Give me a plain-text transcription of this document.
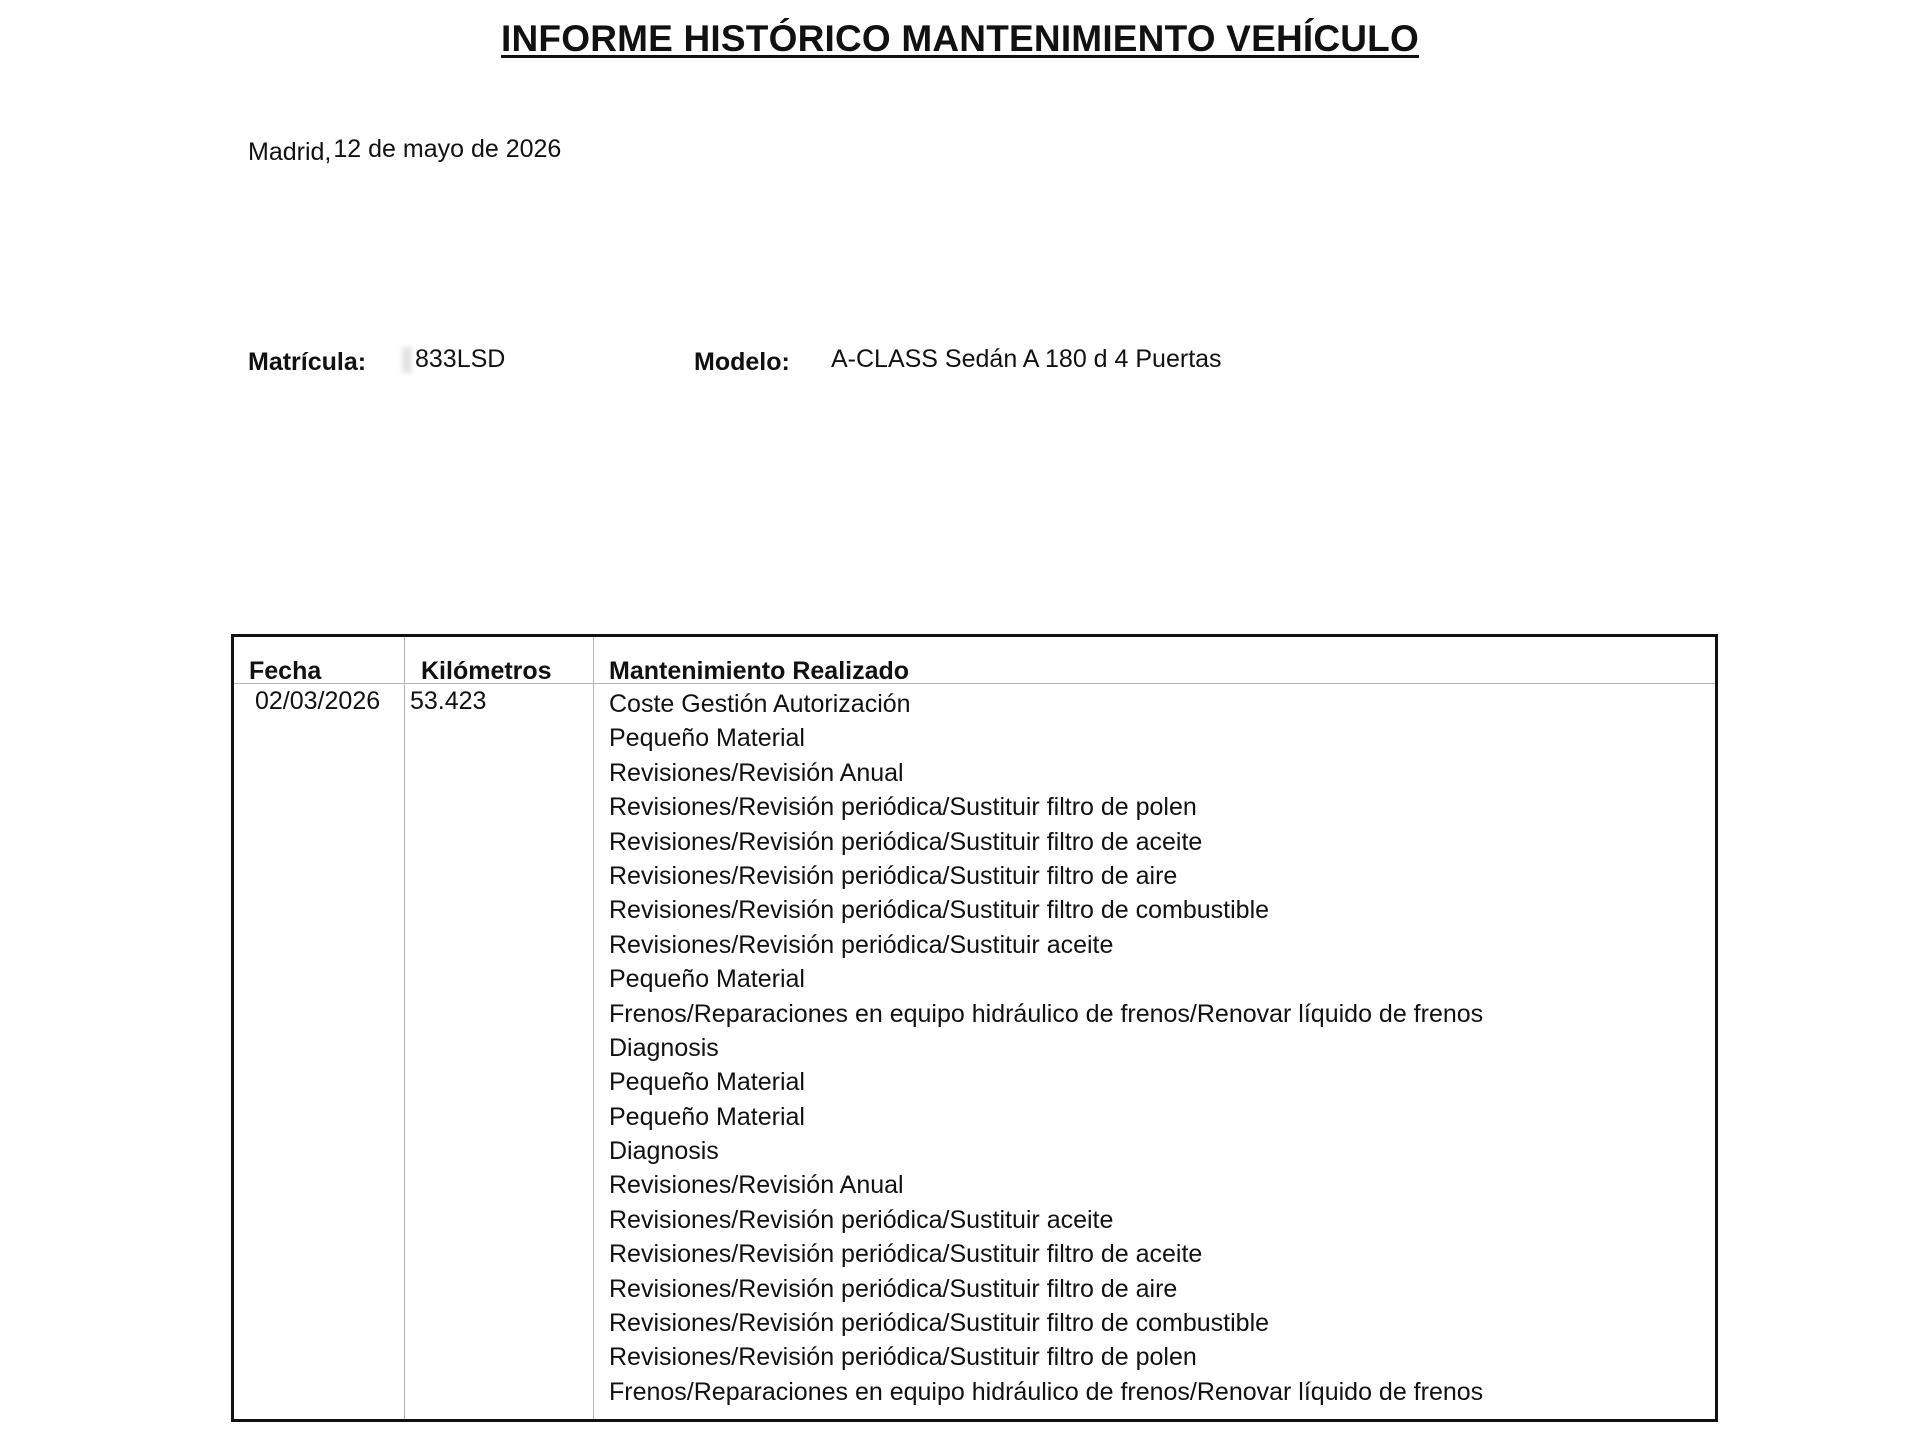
INFORME HISTÓRICO MANTENIMIENTO VEHÍCULO
Madrid,12 de mayo de 2026
Matrícula:	833LSD	Modelo: A-CLASS Sedán A 180 d 4 Puertas
Fecha	Kilómetros Mantenimiento Realizado
02/03/2026 53.423	Coste Gestión Autorización
Pequeño Material
Revisiones/Revisión Anual
Revisiones/Revisión periódica/Sustituir filtro de polen
Revisiones/Revisión periódica/Sustituir filtro de aceite
Revisiones/Revisión periódica/Sustituir filtro de aire
Revisiones/Revisión periódica/Sustituir filtro de combustible
Revisiones/Revisión periódica/Sustituir aceite
Pequeño Material
Frenos/Reparaciones en equipo hidráulico de frenos/Renovar líquido de frenos
Diagnosis
Pequeño Material
Pequeño Material
Diagnosis
Revisiones/Revisión Anual
Revisiones/Revisión periódica/Sustituir aceite
Revisiones/Revisión periódica/Sustituir filtro de aceite
Revisiones/Revisión periódica/Sustituir filtro de aire
Revisiones/Revisión periódica/Sustituir filtro de combustible
Revisiones/Revisión periódica/Sustituir filtro de polen
Frenos/Reparaciones en equipo hidráulico de frenos/Renovar líquido de frenos
